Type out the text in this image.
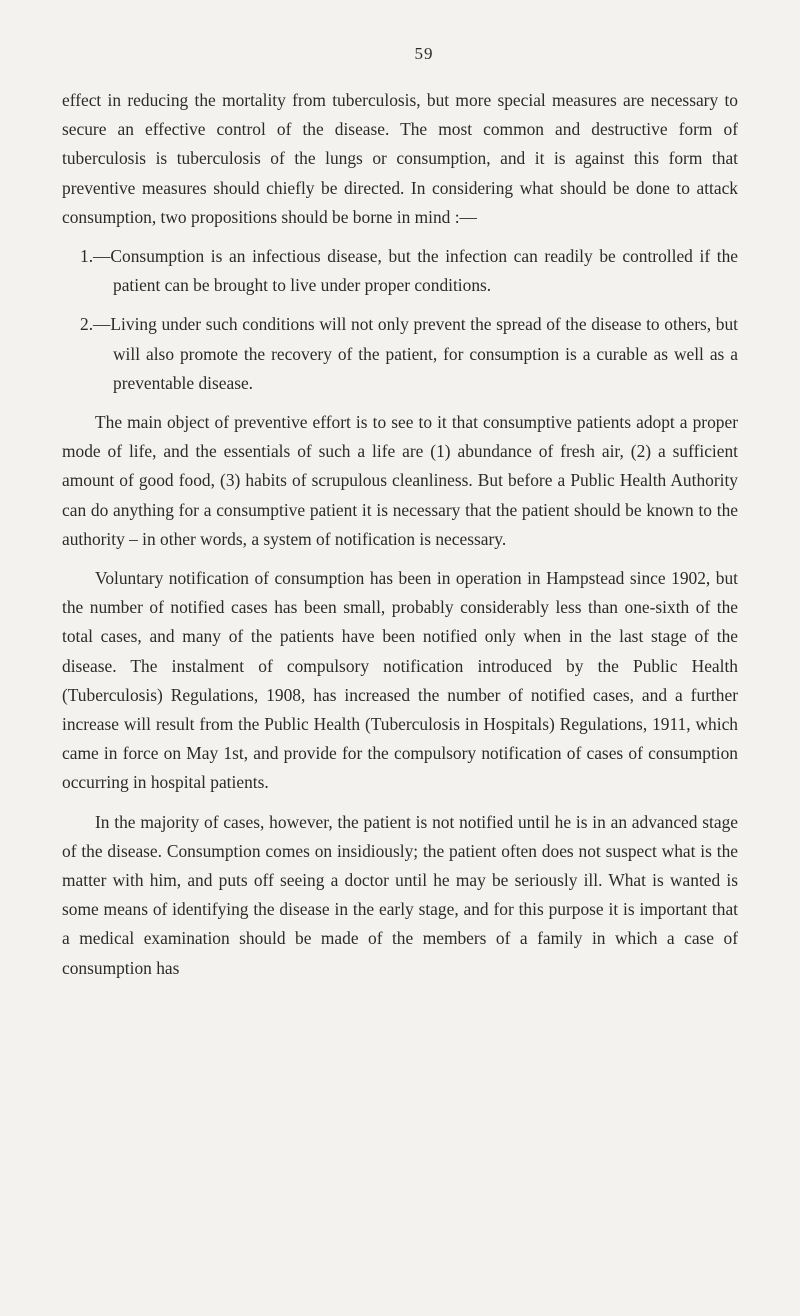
59

effect in reducing the mortality from tuberculosis, but more special measures are necessary to secure an effective control of the disease. The most common and destructive form of tuberculosis is tuberculosis of the lungs or consumption, and it is against this form that preventive measures should chiefly be directed. In considering what should be done to attack consumption, two propositions should be borne in mind :—

1.—Consumption is an infectious disease, but the infection can readily be controlled if the patient can be brought to live under proper conditions.

2.—Living under such conditions will not only prevent the spread of the disease to others, but will also promote the recovery of the patient, for consumption is a curable as well as a preventable disease.

The main object of preventive effort is to see to it that consumptive patients adopt a proper mode of life, and the essentials of such a life are (1) abundance of fresh air, (2) a sufficient amount of good food, (3) habits of scrupulous cleanliness. But before a Public Health Authority can do anything for a consumptive patient it is necessary that the patient should be known to the authority – in other words, a system of notification is necessary.

Voluntary notification of consumption has been in operation in Hampstead since 1902, but the number of notified cases has been small, probably considerably less than one-sixth of the total cases, and many of the patients have been notified only when in the last stage of the disease. The instalment of compulsory notification introduced by the Public Health (Tuberculosis) Regulations, 1908, has increased the number of notified cases, and a further increase will result from the Public Health (Tuberculosis in Hospitals) Regulations, 1911, which came in force on May 1st, and provide for the compulsory notification of cases of consumption occurring in hospital patients.

In the majority of cases, however, the patient is not notified until he is in an advanced stage of the disease. Consumption comes on insidiously; the patient often does not suspect what is the matter with him, and puts off seeing a doctor until he may be seriously ill. What is wanted is some means of identifying the disease in the early stage, and for this purpose it is important that a medical examination should be made of the members of a family in which a case of consumption has
